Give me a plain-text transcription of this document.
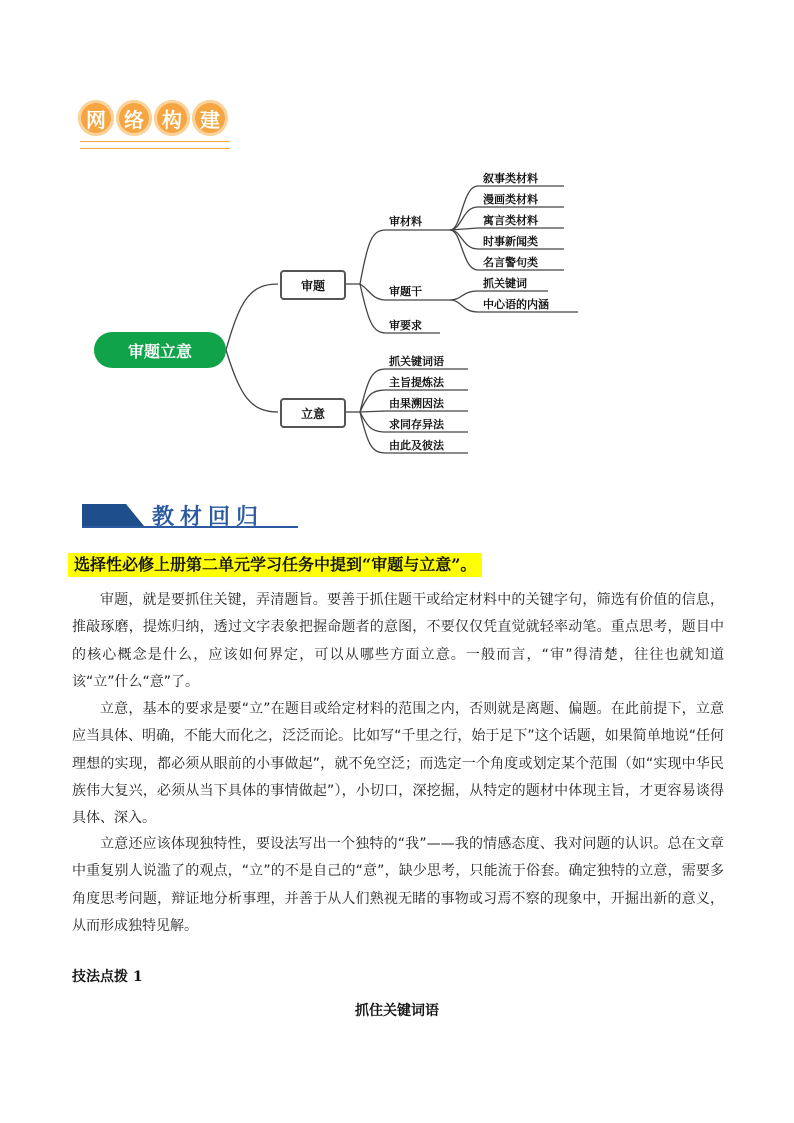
网 络 构 建
审题立意
审题
立意
审材料
审题干
审要求
叙事类材料
漫画类材料
寓言类材料
时事新闻类
名言警句类
抓关键词
中心语的内涵
抓关键词语
主旨提炼法
由果溯因法
求同存异法
由此及彼法
教材回归
选择性必修上册第二单元学习任务中提到“审题与立意”。
审题，就是要抓住关键，弄清题旨。要善于抓住题干或给定材料中的关键字句，筛选有价值的信息，推敲琢磨，提炼归纳，透过文字表象把握命题者的意图，不要仅仅凭直觉就轻率动笔。重点思考，题目中的核心概念是什么，应该如何界定，可以从哪些方面立意。一般而言，“审”得清楚，往往也就知道该“立”什么“意”了。
立意，基本的要求是要“立”在题目或给定材料的范围之内，否则就是离题、偏题。在此前提下，立意应当具体、明确，不能大而化之，泛泛而论。比如写“千里之行，始于足下”这个话题，如果简单地说“任何理想的实现，都必须从眼前的小事做起”，就不免空泛；而选定一个角度或划定某个范围（如“实现中华民族伟大复兴，必须从当下具体的事情做起”），小切口，深挖掘，从特定的题材中体现主旨，才更容易谈得具体、深入。
立意还应该体现独特性，要设法写出一个独特的“我”——我的情感态度、我对问题的认识。总在文章中重复别人说滥了的观点，“立”的不是自己的“意”，缺少思考，只能流于俗套。确定独特的立意，需要多角度思考问题，辩证地分析事理，并善于从人们熟视无睹的事物或习焉不察的现象中，开掘出新的意义，从而形成独特见解。
技法点拨 1
抓住关键词语
